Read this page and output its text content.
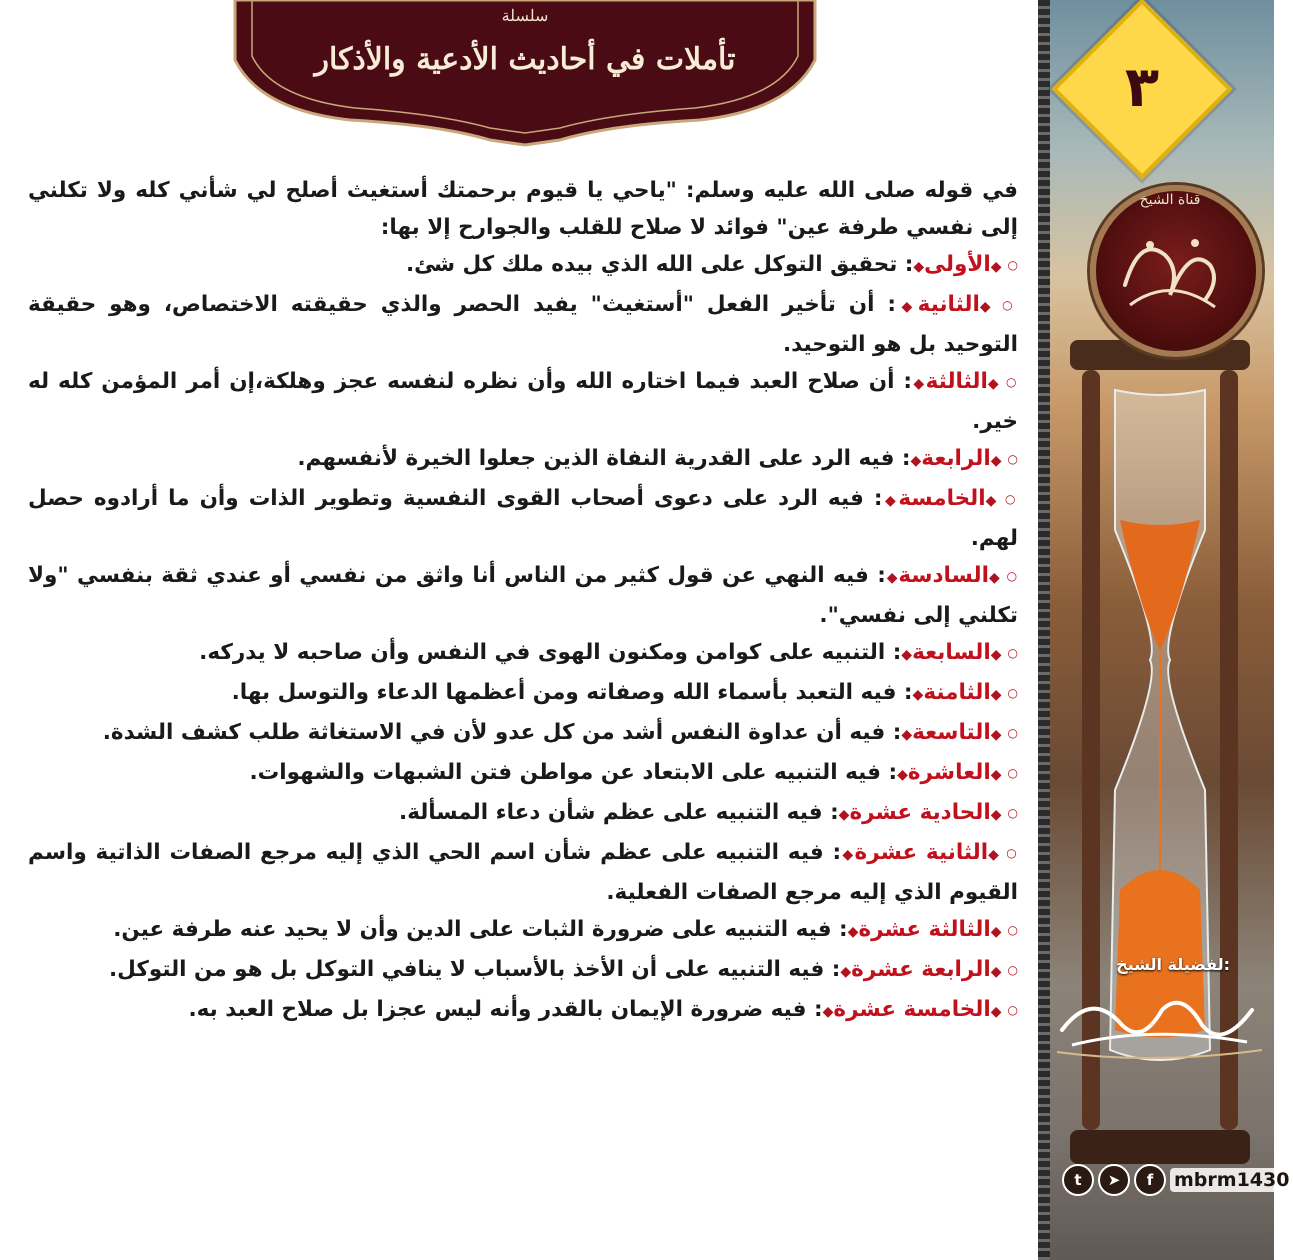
٣
قناة الشيخ
لفضيلة الشيخ:
t	➤	f	mbrm1430
سلسلة
تأملات في أحاديث الأدعية والأذكار

في قوله صلى الله عليه وسلم: "ياحي يا قيوم برحمتك أستغيث أصلح لي شأني كله ولا تكلني إلى نفسي طرفة عين" فوائد لا صلاح للقلب والجوارح إلا بها:

○◆الأولى◆: تحقيق التوكل على الله الذي بيده ملك كل شئ.
○◆الثانية◆: أن تأخير الفعل "أستغيث" يفيد الحصر والذي حقيقته الاختصاص، وهو حقيقة التوحيد بل هو التوحيد.
○◆الثالثة◆: أن صلاح العبد فيما اختاره الله وأن نظره لنفسه عجز وهلكة،إن أمر المؤمن كله له خير.
○◆الرابعة◆: فيه الرد على القدرية النفاة الذين جعلوا الخيرة لأنفسهم.
○◆الخامسة◆: فيه الرد على دعوى أصحاب القوى النفسية وتطوير الذات وأن ما أرادوه حصل لهم.
○◆السادسة◆: فيه النهي عن قول كثير من الناس أنا واثق من نفسي أو عندي ثقة بنفسي "ولا تكلني إلى نفسي".
○◆السابعة◆: التنبيه على كوامن ومكنون الهوى في النفس وأن صاحبه لا يدركه.
○◆الثامنة◆: فيه التعبد بأسماء الله وصفاته ومن أعظمها الدعاء والتوسل بها.
○◆التاسعة◆: فيه أن عداوة النفس أشد من كل عدو لأن في الاستغاثة طلب كشف الشدة.
○◆العاشرة◆: فيه التنبيه على الابتعاد عن مواطن فتن الشبهات والشهوات.
○◆الحادية عشرة◆: فيه التنبيه على عظم شأن دعاء المسألة.
○◆الثانية عشرة◆: فيه التنبيه على عظم شأن اسم الحي الذي إليه مرجع الصفات الذاتية واسم القيوم الذي إليه مرجع الصفات الفعلية.
○◆الثالثة عشرة◆: فيه التنبيه على ضرورة الثبات على الدين وأن لا يحيد عنه طرفة عين.
○◆الرابعة عشرة◆: فيه التنبيه على أن الأخذ بالأسباب لا ينافي التوكل بل هو من التوكل.
○◆الخامسة عشرة◆: فيه ضرورة الإيمان بالقدر وأنه ليس عجزا بل صلاح العبد به.
